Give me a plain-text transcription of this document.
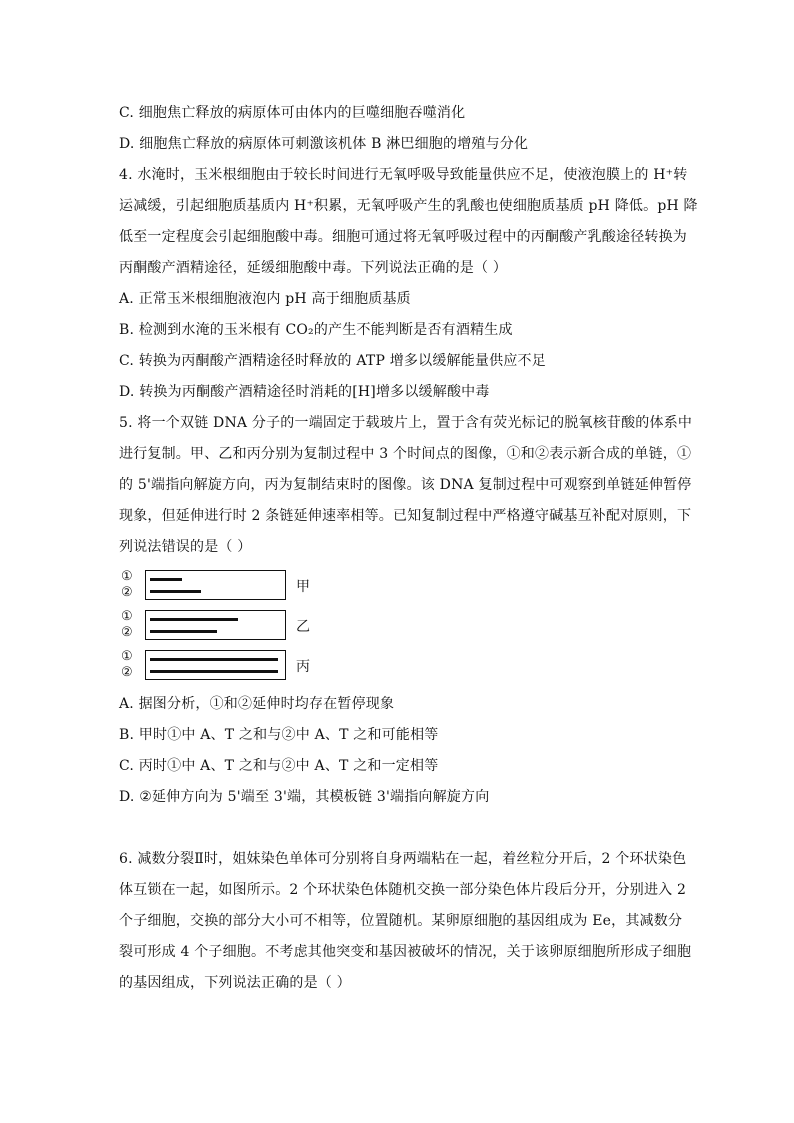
C. 细胞焦亡释放的病原体可由体内的巨噬细胞吞噬消化
D. 细胞焦亡释放的病原体可刺激该机体 B 淋巴细胞的增殖与分化
4. 水淹时，玉米根细胞由于较长时间进行无氧呼吸导致能量供应不足，使液泡膜上的 H⁺转
运减缓，引起细胞质基质内 H⁺积累，无氧呼吸产生的乳酸也使细胞质基质 pH 降低。pH 降
低至一定程度会引起细胞酸中毒。细胞可通过将无氧呼吸过程中的丙酮酸产乳酸途径转换为
丙酮酸产酒精途径，延缓细胞酸中毒。下列说法正确的是（ ）
A. 正常玉米根细胞液泡内 pH 高于细胞质基质
B. 检测到水淹的玉米根有 CO₂的产生不能判断是否有酒精生成
C. 转换为丙酮酸产酒精途径时释放的 ATP 增多以缓解能量供应不足
D. 转换为丙酮酸产酒精途径时消耗的[H]增多以缓解酸中毒
5. 将一个双链 DNA 分子的一端固定于载玻片上，置于含有荧光标记的脱氧核苷酸的体系中
进行复制。甲、乙和丙分别为复制过程中 3 个时间点的图像，①和②表示新合成的单链，①
的 5'端指向解旋方向，丙为复制结束时的图像。该 DNA 复制过程中可观察到单链延伸暂停
现象，但延伸进行时 2 条链延伸速率相等。已知复制过程中严格遵守碱基互补配对原则，下
列说法错误的是（ ）
①
②	甲
①
②	乙
①
②	丙
A. 据图分析，①和②延伸时均存在暂停现象
B. 甲时①中 A、T 之和与②中 A、T 之和可能相等
C. 丙时①中 A、T 之和与②中 A、T 之和一定相等
D. ②延伸方向为 5'端至 3'端，其模板链 3'端指向解旋方向
6. 减数分裂Ⅱ时，姐妹染色单体可分别将自身两端粘在一起，着丝粒分开后，2 个环状染色
体互锁在一起，如图所示。2 个环状染色体随机交换一部分染色体片段后分开，分别进入 2
个子细胞，交换的部分大小可不相等，位置随机。某卵原细胞的基因组成为 Ee，其减数分
裂可形成 4 个子细胞。不考虑其他突变和基因被破坏的情况，关于该卵原细胞所形成子细胞
的基因组成，下列说法正确的是（ ）
